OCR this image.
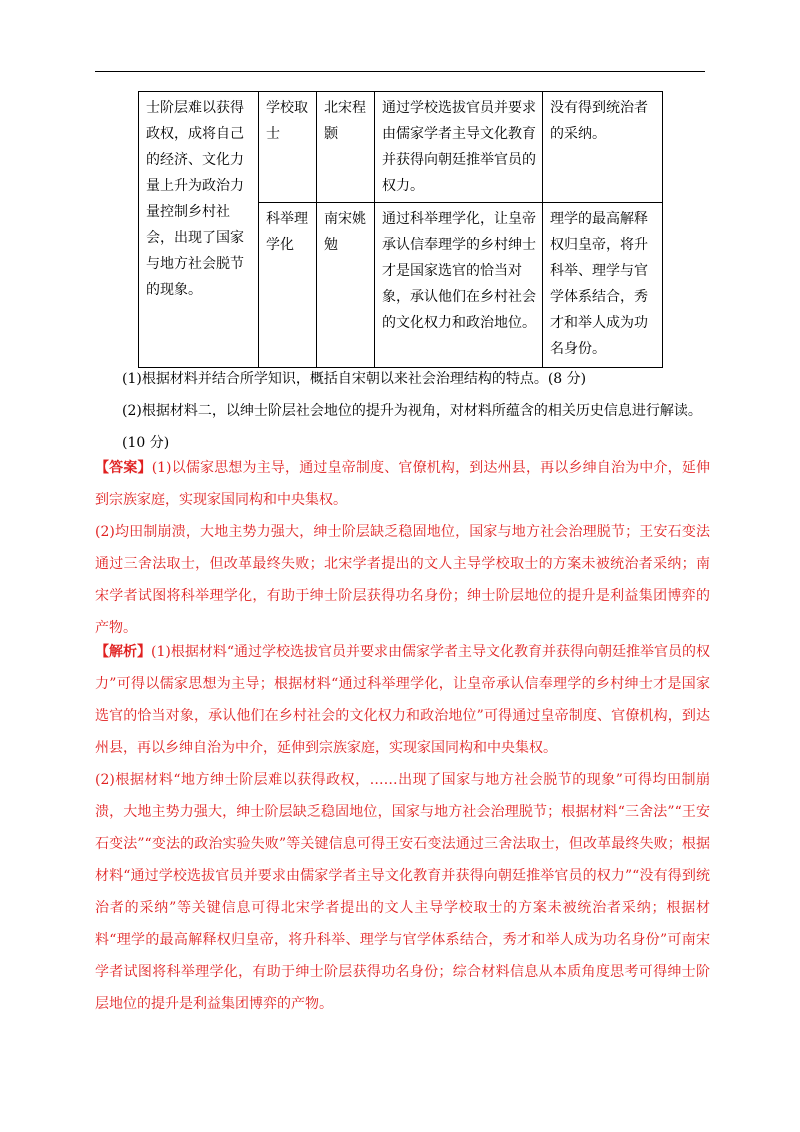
士阶层难以获得政权，成将自己的经济、文化力量上升为政治力量控制乡村社会，出现了国家与地方社会脱节的现象。	学校取士	北宋程颢	通过学校选拔官员并要求由儒家学者主导文化教育并获得向朝廷推举官员的权力。	没有得到统治者的采纳。
	科举理学化	南宋姚勉	通过科举理学化，让皇帝承认信奉理学的乡村绅士才是国家选官的恰当对象，承认他们在乡村社会的文化权力和政治地位。	理学的最高解释权归皇帝，将升科举、理学与官学体系结合，秀才和举人成为功名身份。
(1)根据材料并结合所学知识，概括自宋朝以来社会治理结构的特点。(8 分)
(2)根据材料二，以绅士阶层社会地位的提升为视角，对材料所蕴含的相关历史信息进行解读。
(10 分)
【答案】(1)以儒家思想为主导，通过皇帝制度、官僚机构，到达州县，再以乡绅自治为中介，延伸到宗族家庭，实现家国同构和中央集权。
(2)均田制崩溃，大地主势力强大，绅士阶层缺乏稳固地位，国家与地方社会治理脱节；王安石变法通过三舍法取士，但改革最终失败；北宋学者提出的文人主导学校取士的方案未被统治者采纳；南宋学者试图将科举理学化，有助于绅士阶层获得功名身份；绅士阶层地位的提升是利益集团博弈的产物。
【解析】(1)根据材料“通过学校选拔官员并要求由儒家学者主导文化教育并获得向朝廷推举官员的权力”可得以儒家思想为主导；根据材料“通过科举理学化，让皇帝承认信奉理学的乡村绅士才是国家选官的恰当对象，承认他们在乡村社会的文化权力和政治地位”可得通过皇帝制度、官僚机构，到达州县，再以乡绅自治为中介，延伸到宗族家庭，实现家国同构和中央集权。
(2)根据材料“地方绅士阶层难以获得政权，……出现了国家与地方社会脱节的现象”可得均田制崩溃，大地主势力强大，绅士阶层缺乏稳固地位，国家与地方社会治理脱节；根据材料“三舍法”“王安石变法”“变法的政治实验失败”等关键信息可得王安石变法通过三舍法取士，但改革最终失败；根据材料“通过学校选拔官员并要求由儒家学者主导文化教育并获得向朝廷推举官员的权力”“没有得到统治者的采纳”等关键信息可得北宋学者提出的文人主导学校取士的方案未被统治者采纳；根据材料“理学的最高解释权归皇帝，将升科举、理学与官学体系结合，秀才和举人成为功名身份”可南宋学者试图将科举理学化，有助于绅士阶层获得功名身份；综合材料信息从本质角度思考可得绅士阶层地位的提升是利益集团博弈的产物。
